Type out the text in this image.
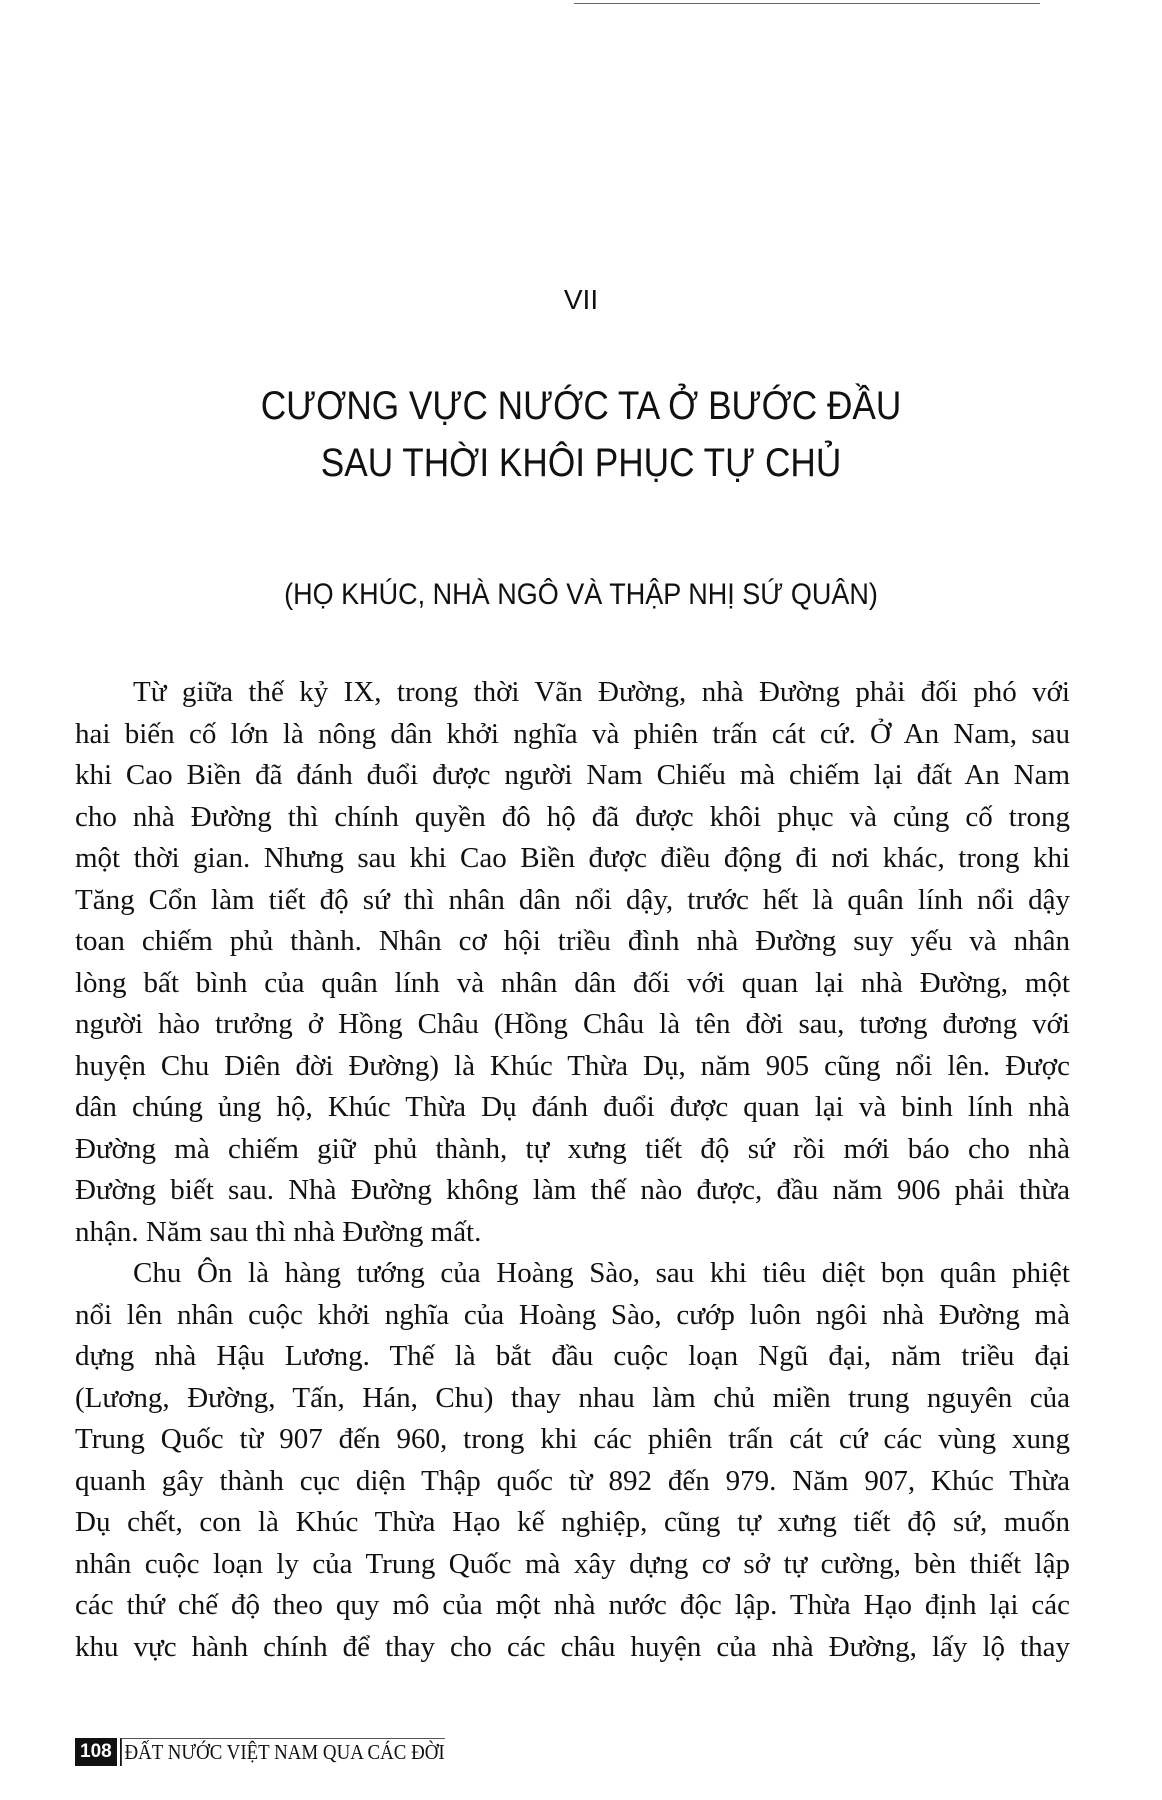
VII
CƯƠNG VỰC NƯỚC TA Ở BƯỚC ĐẦU
SAU THỜI KHÔI PHỤC TỰ CHỦ
(HỌ KHÚC, NHÀ NGÔ VÀ THẬP NHỊ SỨ QUÂN)
Từ giữa thế kỷ IX, trong thời Vãn Đường, nhà Đường phải đối phó với
hai biến cố lớn là nông dân khởi nghĩa và phiên trấn cát cứ. Ở An Nam, sau
khi Cao Biền đã đánh đuổi được người Nam Chiếu mà chiếm lại đất An Nam
cho nhà Đường thì chính quyền đô hộ đã được khôi phục và củng cố trong
một thời gian. Nhưng sau khi Cao Biền được điều động đi nơi khác, trong khi
Tăng Cổn làm tiết độ sứ thì nhân dân nổi dậy, trước hết là quân lính nổi dậy
toan chiếm phủ thành. Nhân cơ hội triều đình nhà Đường suy yếu và nhân
lòng bất bình của quân lính và nhân dân đối với quan lại nhà Đường, một
người hào trưởng ở Hồng Châu (Hồng Châu là tên đời sau, tương đương với
huyện Chu Diên đời Đường) là Khúc Thừa Dụ, năm 905 cũng nổi lên. Được
dân chúng ủng hộ, Khúc Thừa Dụ đánh đuổi được quan lại và binh lính nhà
Đường mà chiếm giữ phủ thành, tự xưng tiết độ sứ rồi mới báo cho nhà
Đường biết sau. Nhà Đường không làm thế nào được, đầu năm 906 phải thừa
nhận. Năm sau thì nhà Đường mất.
Chu Ôn là hàng tướng của Hoàng Sào, sau khi tiêu diệt bọn quân phiệt
nổi lên nhân cuộc khởi nghĩa của Hoàng Sào, cướp luôn ngôi nhà Đường mà
dựng nhà Hậu Lương. Thế là bắt đầu cuộc loạn Ngũ đại, năm triều đại
(Lương, Đường, Tấn, Hán, Chu) thay nhau làm chủ miền trung nguyên của
Trung Quốc từ 907 đến 960, trong khi các phiên trấn cát cứ các vùng xung
quanh gây thành cục diện Thập quốc từ 892 đến 979. Năm 907, Khúc Thừa
Dụ chết, con là Khúc Thừa Hạo kế nghiệp, cũng tự xưng tiết độ sứ, muốn
nhân cuộc loạn ly của Trung Quốc mà xây dựng cơ sở tự cường, bèn thiết lập
các thứ chế độ theo quy mô của một nhà nước độc lập. Thừa Hạo định lại các
khu vực hành chính để thay cho các châu huyện của nhà Đường, lấy lộ thay
108 ĐẤT NƯỚC VIỆT NAM QUA CÁC ĐỜI
